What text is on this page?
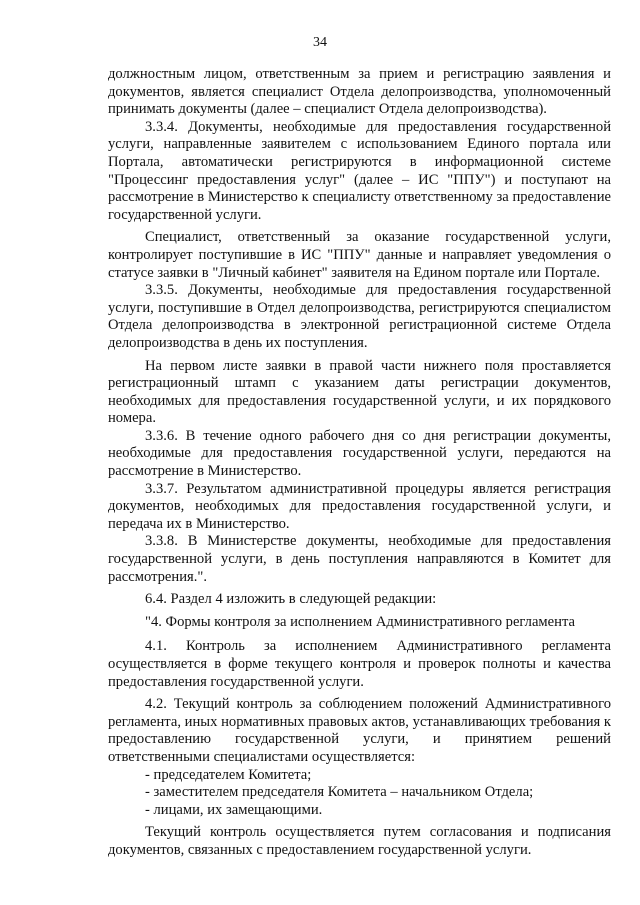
34

должностным лицом, ответственным за прием и регистрацию заявления и документов, является специалист Отдела делопроизводства, уполномоченный принимать документы (далее – специалист Отдела делопроизводства).

3.3.4. Документы, необходимые для предоставления государственной услуги, направленные заявителем с использованием Единого портала или Портала, автоматически регистрируются в информационной системе "Процессинг предоставления услуг" (далее – ИС "ППУ") и поступают на рассмотрение в Министерство к специалисту ответственному за предоставление государственной услуги.

Специалист, ответственный за оказание государственной услуги, контролирует поступившие в ИС "ППУ" данные и направляет уведомления о статусе заявки в "Личный кабинет" заявителя на Едином портале или Портале.

3.3.5. Документы, необходимые для предоставления государственной услуги, поступившие в Отдел делопроизводства, регистрируются специалистом Отдела делопроизводства в электронной регистрационной системе Отдела делопроизводства в день их поступления.

На первом листе заявки в правой части нижнего поля проставляется регистрационный штамп с указанием даты регистрации документов, необходимых для предоставления государственной услуги, и их порядкового номера.

3.3.6. В течение одного рабочего дня со дня регистрации документы, необходимые для предоставления государственной услуги, передаются на рассмотрение в Министерство.

3.3.7. Результатом административной процедуры является регистрация документов, необходимых для предоставления государственной услуги, и передача их в Министерство.

3.3.8. В Министерстве документы, необходимые для предоставления государственной услуги, в день поступления направляются в Комитет для рассмотрения.".

6.4. Раздел 4 изложить в следующей редакции:

"4. Формы контроля за исполнением Административного регламента

4.1. Контроль за исполнением Административного регламента осуществляется в форме текущего контроля и проверок полноты и качества предоставления государственной услуги.

4.2. Текущий контроль за соблюдением положений Административного регламента, иных нормативных правовых актов, устанавливающих требования к предоставлению государственной услуги, и принятием решений ответственными специалистами осуществляется:

- председателем Комитета;

- заместителем председателя Комитета – начальником Отдела;

- лицами, их замещающими.

Текущий контроль осуществляется путем согласования и подписания документов, связанных с предоставлением государственной услуги.
